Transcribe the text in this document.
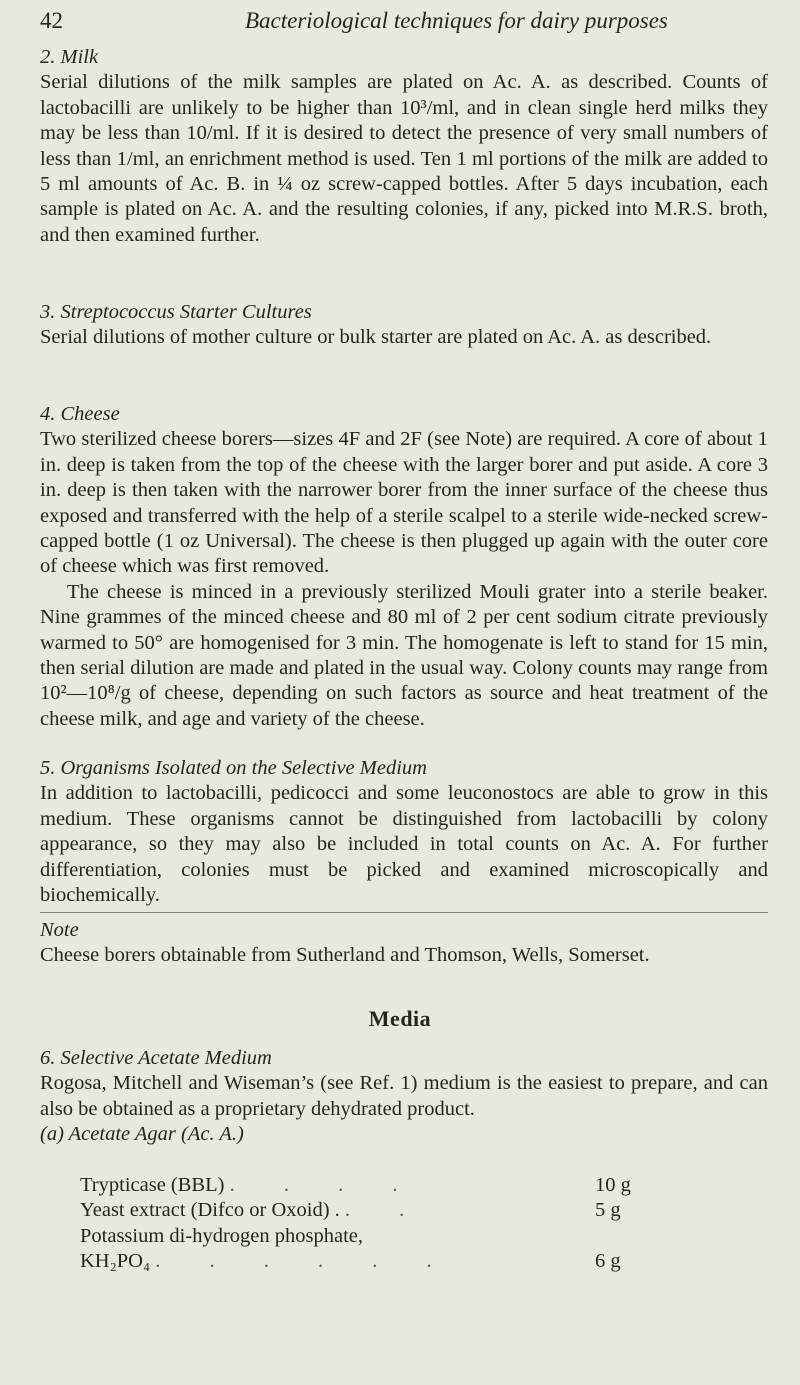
42	Bacteriological techniques for dairy purposes

2. Milk

Serial dilutions of the milk samples are plated on Ac. A. as described. Counts of lactobacilli are unlikely to be higher than 10³/ml, and in clean single herd milks they may be less than 10/ml. If it is desired to detect the presence of very small numbers of less than 1/ml, an enrichment method is used. Ten 1 ml portions of the milk are added to 5 ml amounts of Ac. B. in ¼ oz screw-capped bottles. After 5 days incubation, each sample is plated on Ac. A. and the resulting colonies, if any, picked into M.R.S. broth, and then examined further.

3. Streptococcus Starter Cultures

Serial dilutions of mother culture or bulk starter are plated on Ac. A. as described.

4. Cheese

Two sterilized cheese borers—sizes 4F and 2F (see Note) are required. A core of about 1 in. deep is taken from the top of the cheese with the larger borer and put aside. A core 3 in. deep is then taken with the narrower borer from the inner surface of the cheese thus exposed and transferred with the help of a sterile scalpel to a sterile wide-necked screw-capped bottle (1 oz Universal). The cheese is then plugged up again with the outer core of cheese which was first removed.

The cheese is minced in a previously sterilized Mouli grater into a sterile beaker. Nine grammes of the minced cheese and 80 ml of 2 per cent sodium citrate previously warmed to 50° are homogenised for 3 min. The homogenate is left to stand for 15 min, then serial dilution are made and plated in the usual way. Colony counts may range from 10²—10⁸/g of cheese, depending on such factors as source and heat treatment of the cheese milk, and age and variety of the cheese.

5. Organisms Isolated on the Selective Medium

In addition to lactobacilli, pedicocci and some leuconostocs are able to grow in this medium. These organisms cannot be distinguished from lactobacilli by colony appearance, so they may also be included in total counts on Ac. A. For further differentiation, colonies must be picked and examined microscopically and biochemically.

Note

Cheese borers obtainable from Sutherland and Thomson, Wells, Somerset.

Media

6. Selective Acetate Medium

Rogosa, Mitchell and Wiseman’s (see Ref. 1) medium is the easiest to prepare, and can also be obtained as a proprietary dehydrated product.

(a) Acetate Agar (Ac. A.)

Trypticase (BBL) . . . .	10 g
Yeast extract (Difco or Oxoid) . . .	5 g
Potassium di-hydrogen phosphate,
KH₂PO₄ . . . . . .	6 g
